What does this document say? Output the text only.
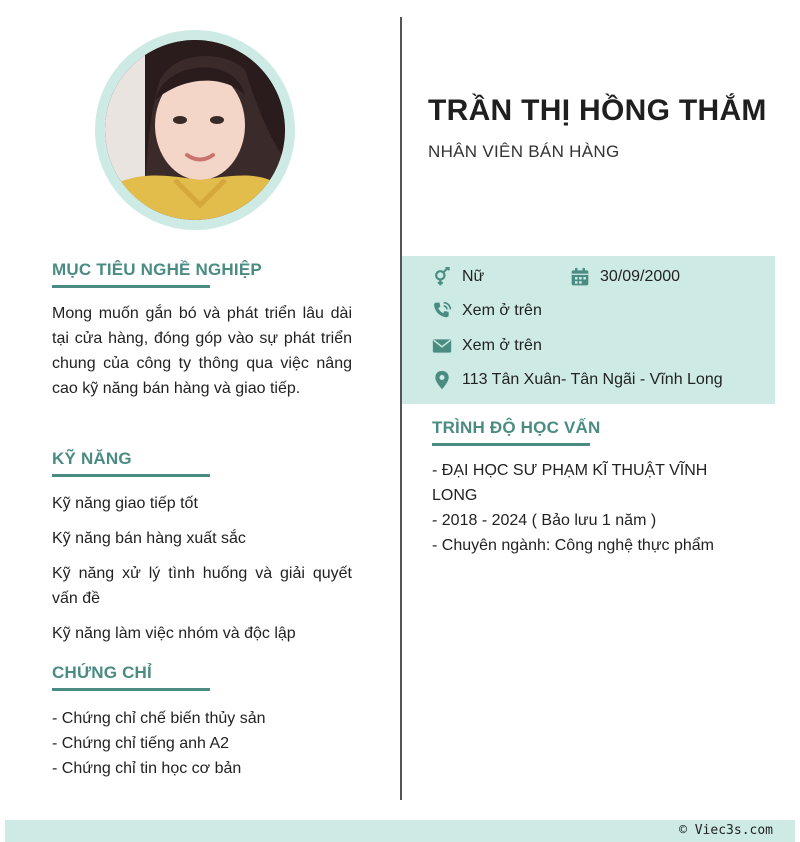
MỤC TIÊU NGHỀ NGHIỆP
Mong muốn gắn bó và phát triển lâu dài tại cửa hàng, đóng góp vào sự phát triển chung của công ty thông qua việc nâng cao kỹ năng bán hàng và giao tiếp.
KỸ NĂNG
Kỹ năng giao tiếp tốt
Kỹ năng bán hàng xuất sắc
Kỹ năng xử lý tình huống và giải quyết vấn đề
Kỹ năng làm việc nhóm và độc lập
CHỨNG CHỈ
- Chứng chỉ chế biến thủy sản
- Chứng chỉ tiếng anh A2
- Chứng chỉ tin học cơ bản
TRẦN THỊ HỒNG THẮM
NHÂN VIÊN BÁN HÀNG
Nữ	30/09/2000
Xem ở trên
Xem ở trên
113 Tân Xuân- Tân Ngãi - Vĩnh Long
TRÌNH ĐỘ HỌC VẤN
- ĐẠI HỌC SƯ PHẠM KĨ THUẬT VĨNH LONG
- 2018 - 2024 ( Bảo lưu 1 năm )
- Chuyên ngành: Công nghệ thực phẩm
© Viec3s.com
